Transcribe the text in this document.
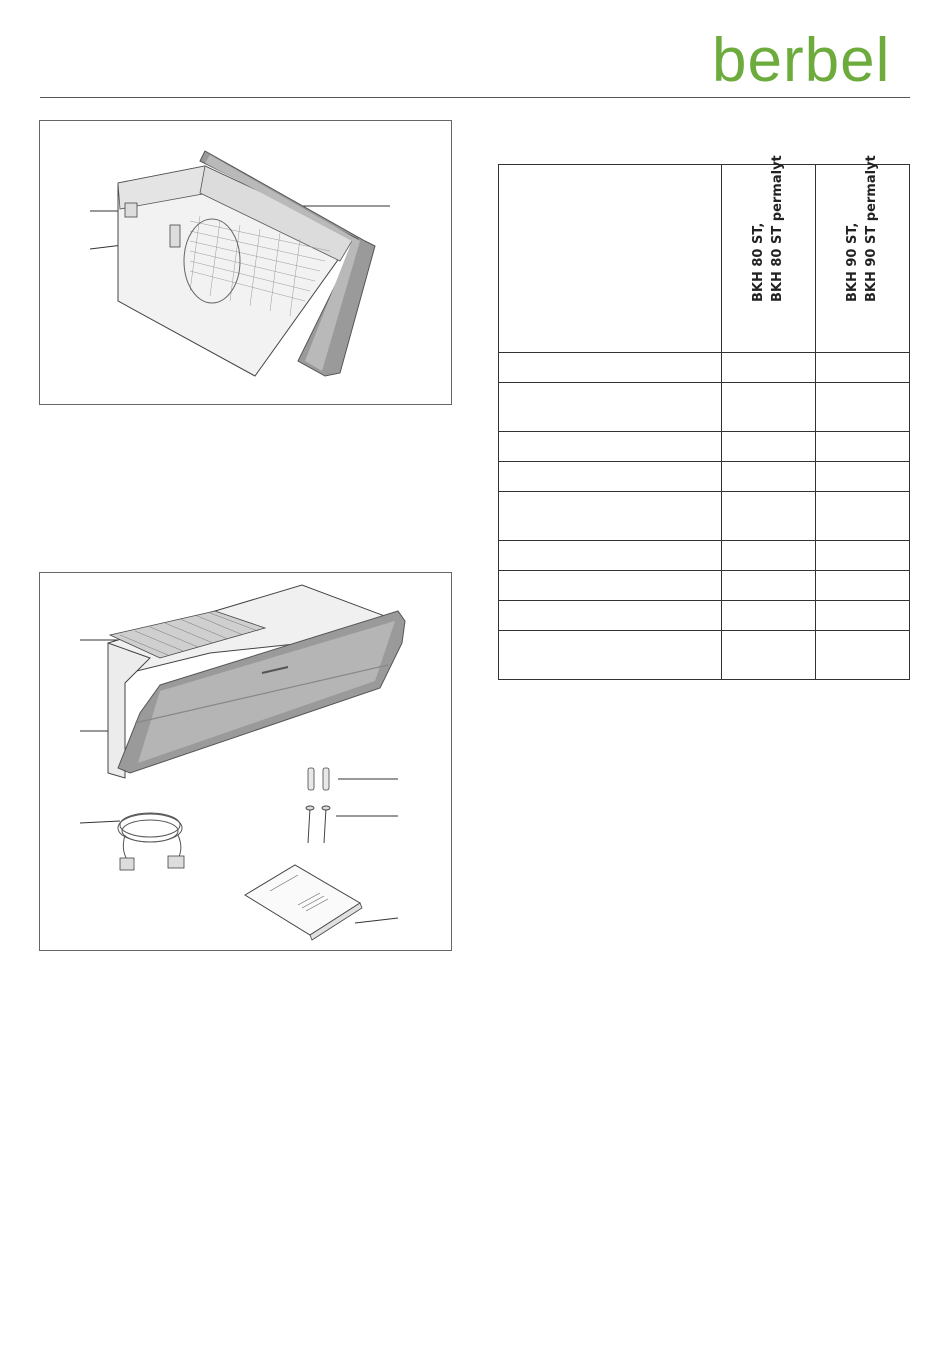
berbel

	BKH 80 ST, BKH 80 ST permalyt	BKH 90 ST, BKH 90 ST permalyt
